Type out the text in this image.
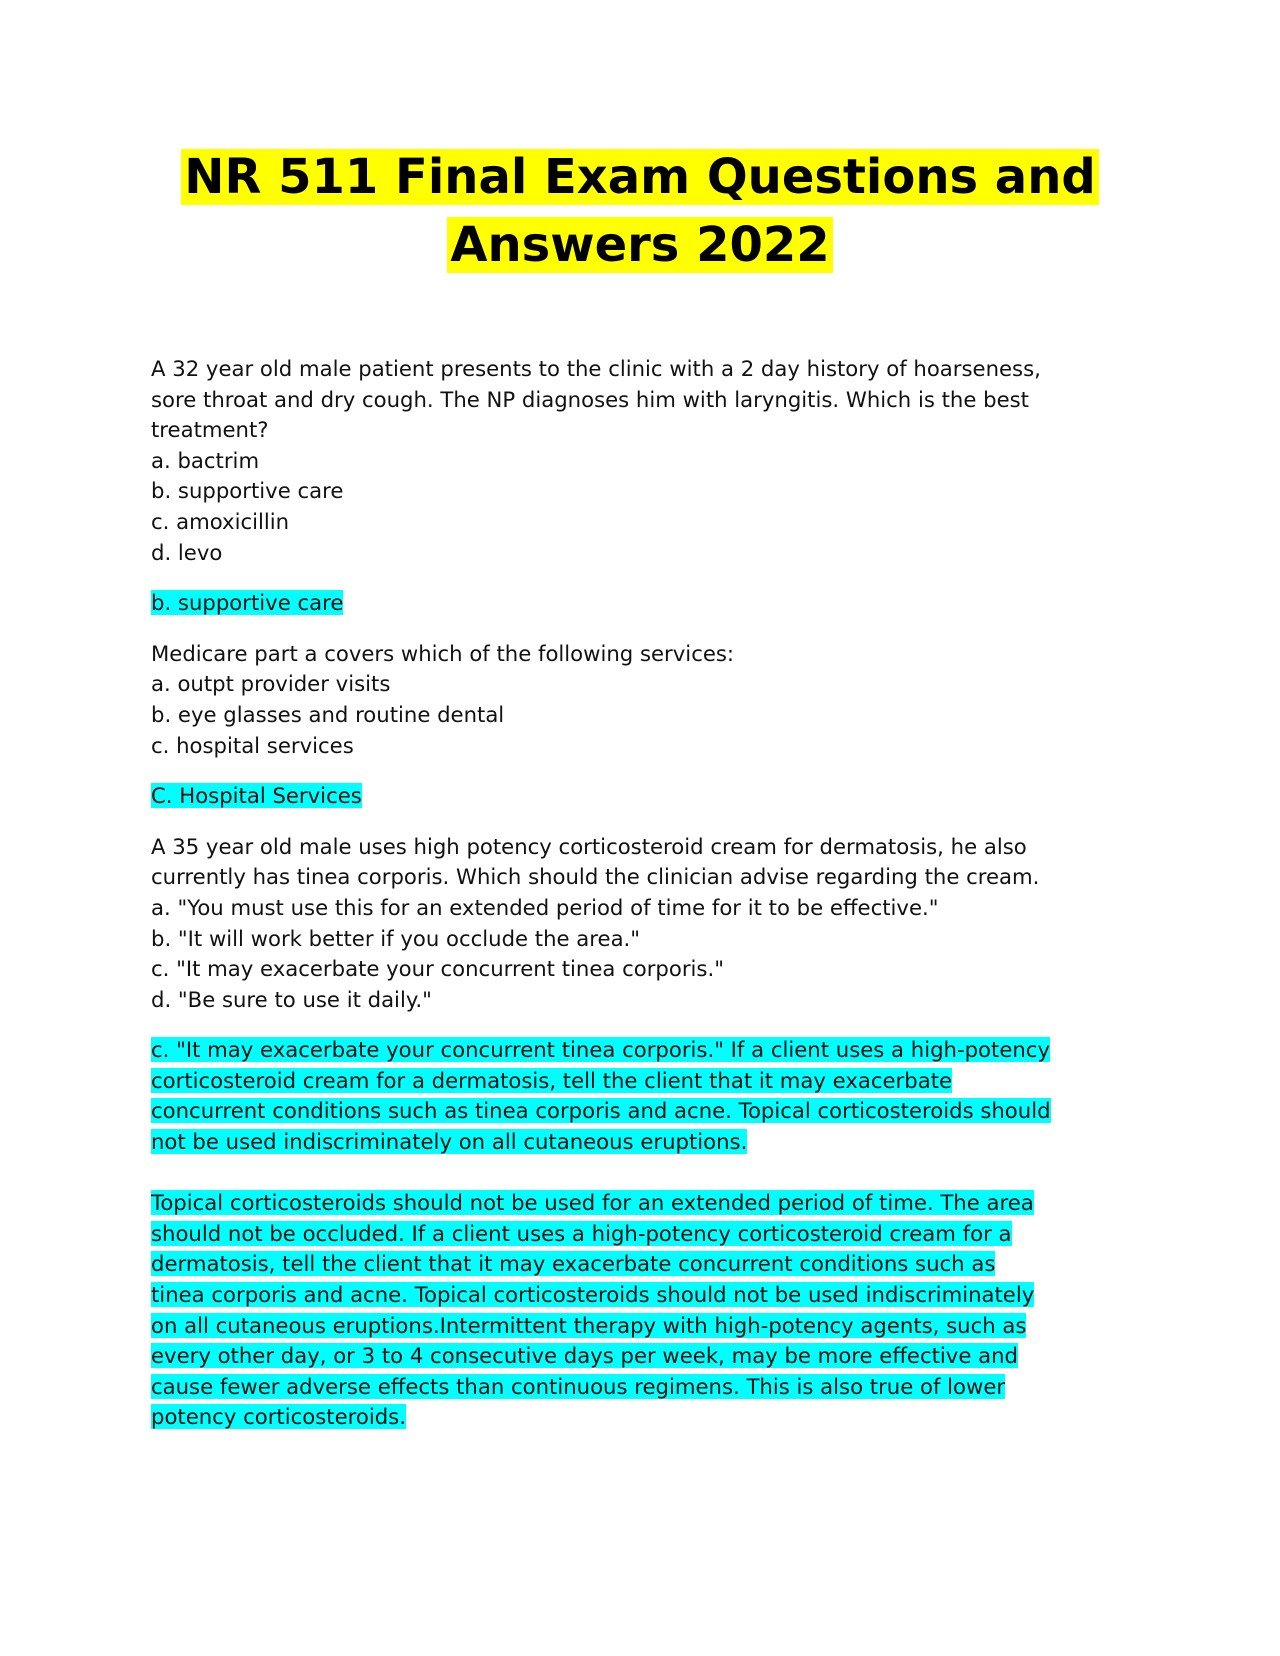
NR 511 Final Exam Questions and
Answers 2022
A 32 year old male patient presents to the clinic with a 2 day history of hoarseness,
sore throat and dry cough. The NP diagnoses him with laryngitis. Which is the best
treatment?
a. bactrim
b. supportive care
c. amoxicillin
d. levo

b. supportive care

Medicare part a covers which of the following services:
a. outpt provider visits
b. eye glasses and routine dental
c. hospital services

C. Hospital Services

A 35 year old male uses high potency corticosteroid cream for dermatosis, he also
currently has tinea corporis. Which should the clinician advise regarding the cream.
a. "You must use this for an extended period of time for it to be effective."
b. "It will work better if you occlude the area."
c. "It may exacerbate your concurrent tinea corporis."
d. "Be sure to use it daily."
c. "It may exacerbate your concurrent tinea corporis." If a client uses a high-potency
corticosteroid cream for a dermatosis, tell the client that it may exacerbate
concurrent conditions such as tinea corporis and acne. Topical corticosteroids should
not be used indiscriminately on all cutaneous eruptions.
Topical corticosteroids should not be used for an extended period of time. The area
should not be occluded. If a client uses a high-potency corticosteroid cream for a
dermatosis, tell the client that it may exacerbate concurrent conditions such as
tinea corporis and acne. Topical corticosteroids should not be used indiscriminately
on all cutaneous eruptions.Intermittent therapy with high-potency agents, such as
every other day, or 3 to 4 consecutive days per week, may be more effective and
cause fewer adverse effects than continuous regimens. This is also true of lower
potency corticosteroids.
